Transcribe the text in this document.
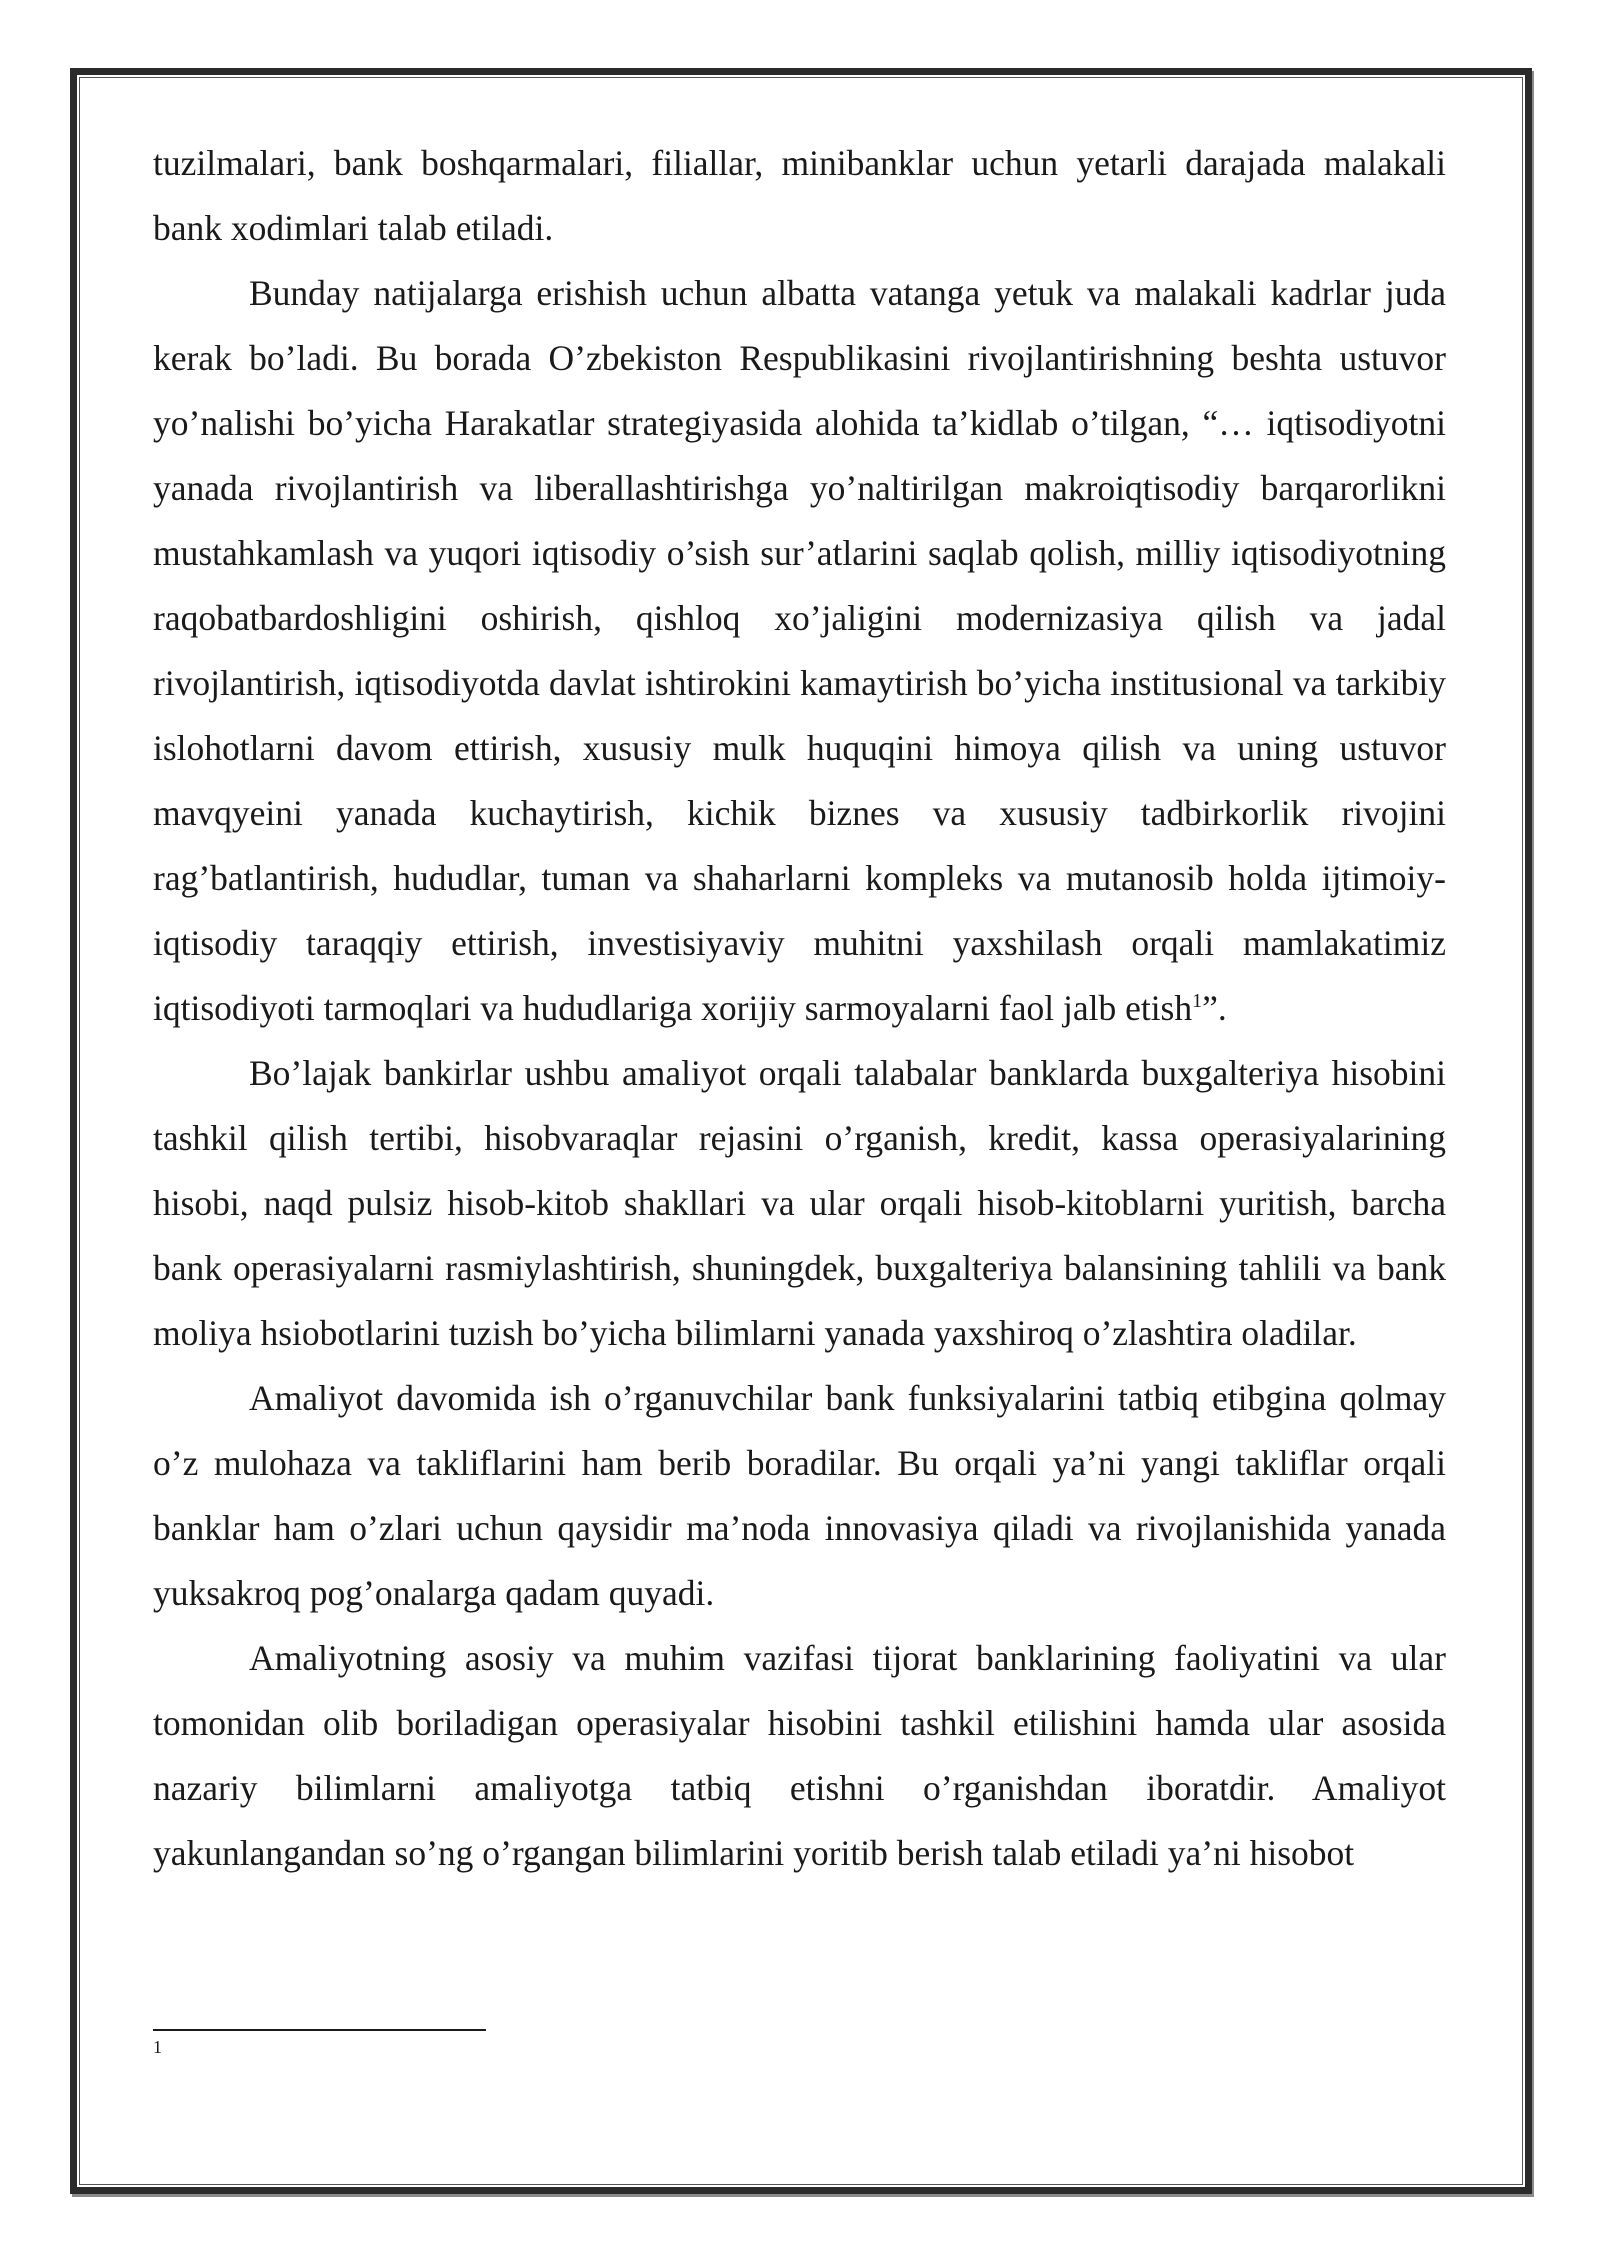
tuzilmalari, bank boshqarmalari, filiallar, minibanklar uchun yetarli darajada malakali bank xodimlari talab etiladi.

Bunday natijalarga erishish uchun albatta vatanga yetuk va malakali kadrlar juda kerak bo’ladi. Bu borada O’zbekiston Respublikasini rivojlantirishning beshta ustuvor yo’nalishi bo’yicha Harakatlar strategiyasida alohida ta’kidlab o’tilgan, “… iqtisodiyotni yanada rivojlantirish va liberallashtirishga yo’naltirilgan makroiqtisodiy barqarorlikni mustahkamlash va yuqori iqtisodiy o’sish sur’atlarini saqlab qolish, milliy iqtisodiyotning raqobatbardoshligini oshirish, qishloq xo’jaligini modernizasiya qilish va jadal rivojlantirish, iqtisodiyotda davlat ishtirokini kamaytirish bo’yicha institusional va tarkibiy islohotlarni davom ettirish, xususiy mulk huquqini himoya qilish va uning ustuvor mavqyeini yanada kuchaytirish, kichik biznes va xususiy tadbirkorlik rivojini rag’batlantirish, hududlar, tuman va shaharlarni kompleks va mutanosib holda ijtimoiy-iqtisodiy taraqqiy ettirish, investisiyaviy muhitni yaxshilash orqali mamlakatimiz iqtisodiyoti tarmoqlari va hududlariga xorijiy sarmoyalarni faol jalb etish$^1$”.

Bo’lajak bankirlar ushbu amaliyot orqali talabalar banklarda buxgalteriya hisobini tashkil qilish tertibi, hisobvaraqlar rejasini o’rganish, kredit, kassa operasiyalarining hisobi, naqd pulsiz hisob-kitob shakllari va ular orqali hisob-kitoblarni yuritish, barcha bank operasiyalarni rasmiylashtirish, shuningdek, buxgalteriya balansining tahlili va bank moliya hsiobotlarini tuzish bo’yicha bilimlarni yanada yaxshiroq o’zlashtira oladilar.

Amaliyot davomida ish o’rganuvchilar bank funksiyalarini tatbiq etibgina qolmay o’z mulohaza va takliflarini ham berib boradilar. Bu orqali ya’ni yangi takliflar orqali banklar ham o’zlari uchun qaysidir ma’noda innovasiya qiladi va rivojlanishida yanada yuksakroq pog’onalarga qadam quyadi.

Amaliyotning asosiy va muhim vazifasi tijorat banklarining faoliyatini va ular tomonidan olib boriladigan operasiyalar hisobini tashkil etilishini hamda ular asosida nazariy bilimlarni amaliyotga tatbiq etishni o’rganishdan iboratdir. Amaliyot yakunlangandan so’ng o’rgangan bilimlarini yoritib berish talab etiladi ya’ni hisobot

1
